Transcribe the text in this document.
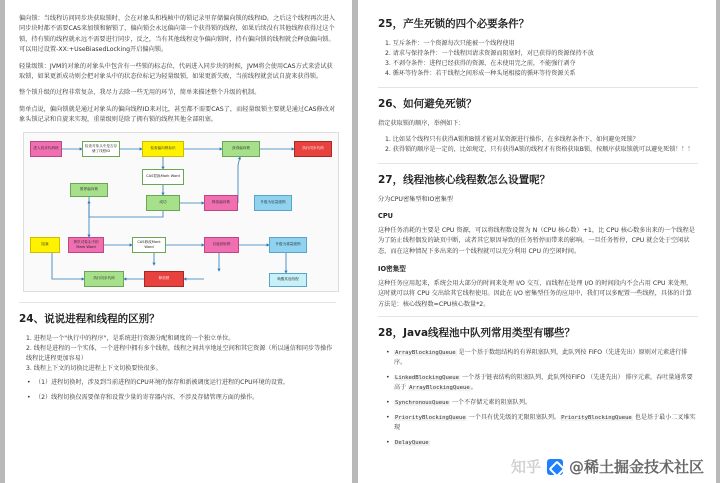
偏向锁：当线程访问同步块获取锁时，会在对象头和栈帧中的锁记录里存储偏向锁的线程ID，之后这个线程再次进入同步块时都不需要CAS来加锁和解锁了，偏向锁会永远偏向第一个获得锁的线程，如果后续没有其他线程获得过这个锁，持有锁的线程就永远不需要进行同步，反之，当有其他线程竞争偏向锁时，持有偏向锁的线程就会释放偏向锁。可以用过设置-XX:+UseBiasedLocking开启偏向锁。

轻量级锁：JVM的对象的对象头中包含有一些锁的标志位，代码进入同步块的时候，JVM将会使用CAS方式来尝试获取锁，如果更新成功则会把对象头中的状态位标记为轻量级锁，如果更新失败，当前线程就尝试自旋来获得锁。

整个锁升级的过程非常复杂，我尽力去除一些无用的环节，简单来描述整个升级的机制。

简单点说，偏向锁就是通过对象头的偏向线程ID来对比，甚至都不需要CAS了，而轻量级锁主要就是通过CAS修改对象头锁记录和自旋来实现，重量级则是除了拥有锁的线程其他全部阻塞。

进入同步代码块
检查对象头中是否存储了线程ID
检查偏向锁标识	获得偏向锁	执行同步代码
CAS替换Mark Word
成功
暂停偏向锁
释放偏向锁	升级为轻量级锁
拷贝对象头中的Mark Word
CAS修改Mark Word
自旋获取锁	升级为重量级锁
阻塞
执行同步代码	释放锁	唤醒其他线程
24、说说进程和线程的区别？
1. 进程是一个"执行中的程序"，是系统进行资源分配和调度的一个独立单位。
2. 线程是进程的一个实体，一个进程中拥有多个线程，线程之间共享地址空间和其它资源（所以通信和同步等操作线程比进程更加容易）
3. 线程上下文的切换比进程上下文切换要快很多。
• （1）进程切换时，涉及到当前进程的CPU环境的保存和新被调度运行进程的CPU环境的设置。
• （2）线程切换仅需要保存和设置少量的寄存器内容，不涉及存储管理方面的操作。
25，产生死锁的四个必要条件？
1. 互斥条件：一个资源每次只能被一个线程使用
2. 请求与保持条件：一个线程因请求资源而阻塞时，对已获得的资源保持不放
3. 不剥夺条件：进程已经获得的资源，在未使用完之前，不能强行剥夺
4. 循环等待条件：若干线程之间形成一种头尾相接的循环等待资源关系
26、如何避免死锁？

指定获取锁的顺序，举例如下：

1. 比如某个线程只有获得A锁和B锁才能对某资源进行操作，在多线程条件下，如何避免死锁？
2. 获得锁的顺序是一定的，比如规定，只有获得A锁的线程才有资格获取B锁，按顺序获取锁就可以避免死锁！！！
27，线程池核心线程数怎么设置呢？

分为CPU密集型和IO密集型

CPU

这种任务消耗的主要是 CPU 资源，可以将线程数设置为 N（CPU 核心数）+1，比 CPU 核心数多出来的一个线程是为了防止线程偶发的缺页中断，或者其它原因导致的任务暂停而带来的影响。一旦任务暂停，CPU 就会处于空闲状态，而在这种情况下多出来的一个线程就可以充分利用 CPU 的空闲时间。

IO密集型

这种任务应用起来，系统会用大部分的时间来处理 I/O 交互，而线程在处理 I/O 的时间段内不会占用 CPU 来处理，这时就可以将 CPU 交出给其它线程使用。因此在 I/O 密集型任务的应用中，我们可以多配置一些线程，具体的计算方法是：核心线程数=CPU核心数量*2。

28，Java线程池中队列常用类型有哪些？
• ArrayBlockingQueue 是一个基于数组结构的有界阻塞队列，此队列按 FIFO（先进先出）原则对元素进行排序。
• LinkedBlockingQueue 一个基于链表结构的阻塞队列，此队列按FIFO （先进先出） 排序元素，吞吐量通常要高于 ArrayBlockingQueue。
• SynchronousQueue 一个不存储元素的阻塞队列。
• PriorityBlockingQueue 一个具有优先级的无限阻塞队列。PriorityBlockingQueue 也是基于最小二叉堆实现
• DelayQueue
知乎 @稀土掘金技术社区
